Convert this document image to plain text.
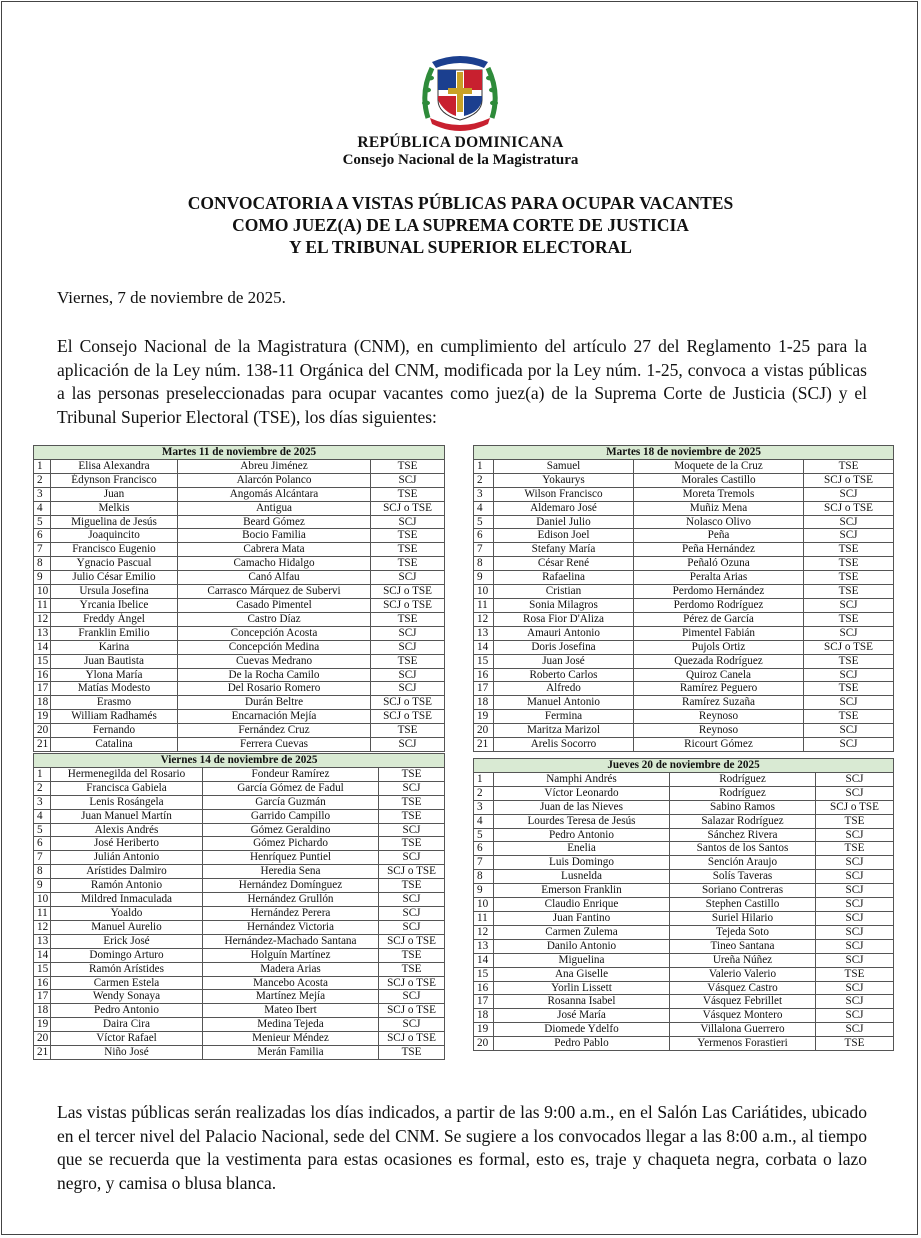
REPÚBLICA DOMINICANA
Consejo Nacional de la Magistratura
CONVOCATORIA A VISTAS PÚBLICAS PARA OCUPAR VACANTES
COMO JUEZ(A) DE LA SUPREMA CORTE DE JUSTICIA
Y EL TRIBUNAL SUPERIOR ELECTORAL
Viernes, 7 de noviembre de 2025.
El Consejo Nacional de la Magistratura (CNM), en cumplimiento del artículo 27 del Reglamento 1-25 para la aplicación de la Ley núm. 138-11 Orgánica del CNM, modificada por la Ley núm. 1-25, convoca a vistas públicas a las personas preseleccionadas para ocupar vacantes como juez(a) de la Suprema Corte de Justicia (SCJ) y el Tribunal Superior Electoral (TSE), los días siguientes:
Martes 11 de noviembre de 2025			
1	Elisa Alexandra	Abreu Jiménez	TSE
2	Édynson Francisco	Alarcón Polanco	SCJ
3	Juan	Angomás Alcántara	TSE
4	Melkis	Antigua	SCJ o TSE
5	Miguelina de Jesús	Beard Gómez	SCJ
6	Joaquincito	Bocio Familia	TSE
7	Francisco Eugenio	Cabrera Mata	TSE
8	Ygnacio Pascual	Camacho Hidalgo	TSE
9	Julio César Emilio	Canó Alfau	SCJ
10	Ursula Josefina	Carrasco Márquez de Subervi	SCJ o TSE
11	Yrcania Ibelice	Casado Pimentel	SCJ o TSE
12	Freddy Ángel	Castro Díaz	TSE
13	Franklin Emilio	Concepción Acosta	SCJ
14	Karina	Concepción Medina	SCJ
15	Juan Bautista	Cuevas Medrano	TSE
16	Ylona María	De la Rocha Camilo	SCJ
17	Matías Modesto	Del Rosario Romero	SCJ
18	Erasmo	Durán Beltre	SCJ o TSE
19	William Radhamés	Encarnación Mejía	SCJ o TSE
20	Fernando	Fernández Cruz	TSE
21	Catalina	Ferrera Cuevas	SCJ
Martes 18 de noviembre de 2025			
1	Samuel	Moquete de la Cruz	TSE
2	Yokaurys	Morales Castillo	SCJ o TSE
3	Wilson Francisco	Moreta Tremols	SCJ
4	Aldemaro José	Muñiz Mena	SCJ o TSE
5	Daniel Julio	Nolasco Olivo	SCJ
6	Edison Joel	Peña	SCJ
7	Stefany María	Peña Hernández	TSE
8	César René	Peñaló Ozuna	TSE
9	Rafaelina	Peralta Arias	TSE
10	Cristian	Perdomo Hernández	TSE
11	Sonia Milagros	Perdomo Rodríguez	SCJ
12	Rosa Fior D'Aliza	Pérez de García	TSE
13	Amauri Antonio	Pimentel Fabián	SCJ
14	Doris Josefina	Pujols Ortiz	SCJ o TSE
15	Juan José	Quezada Rodríguez	TSE
16	Roberto Carlos	Quiroz Canela	SCJ
17	Alfredo	Ramírez Peguero	TSE
18	Manuel Antonio	Ramírez Suzaña	SCJ
19	Fermina	Reynoso	TSE
20	Maritza Marizol	Reynoso	SCJ
21	Arelis Socorro	Ricourt Gómez	SCJ
Viernes 14 de noviembre de 2025			
1	Hermenegilda del Rosario	Fondeur Ramírez	TSE
2	Francisca Gabiela	García Gómez de Fadul	SCJ
3	Lenis Rosángela	García Guzmán	TSE
4	Juan Manuel Martín	Garrido Campillo	TSE
5	Alexis Andrés	Gómez Geraldino	SCJ
6	José Heriberto	Gómez Pichardo	TSE
7	Julián Antonio	Henríquez Puntiel	SCJ
8	Arístides Dalmiro	Heredia Sena	SCJ o TSE
9	Ramón Antonio	Hernández Domínguez	TSE
10	Mildred Inmaculada	Hernández Grullón	SCJ
11	Yoaldo	Hernández Perera	SCJ
12	Manuel Aurelio	Hernández Victoria	SCJ
13	Erick José	Hernández-Machado Santana	SCJ o TSE
14	Domingo Arturo	Holguín Martínez	TSE
15	Ramón Arístides	Madera Arias	TSE
16	Carmen Estela	Mancebo Acosta	SCJ o TSE
17	Wendy Sonaya	Martínez Mejía	SCJ
18	Pedro Antonio	Mateo Ibert	SCJ o TSE
19	Daira Cira	Medina Tejeda	SCJ
20	Víctor Rafael	Menieur Méndez	SCJ o TSE
21	Niño José	Merán Familia	TSE
Jueves 20 de noviembre de 2025			
1	Namphi Andrés	Rodríguez	SCJ
2	Víctor Leonardo	Rodríguez	SCJ
3	Juan de las Nieves	Sabino Ramos	SCJ o TSE
4	Lourdes Teresa de Jesús	Salazar Rodríguez	TSE
5	Pedro Antonio	Sánchez Rivera	SCJ
6	Enelia	Santos de los Santos	TSE
7	Luis Domingo	Sención Araujo	SCJ
8	Lusnelda	Solís Taveras	SCJ
9	Emerson Franklin	Soriano Contreras	SCJ
10	Claudio Enrique	Stephen Castillo	SCJ
11	Juan Fantino	Suriel Hilario	SCJ
12	Carmen Zulema	Tejeda Soto	SCJ
13	Danilo Antonio	Tineo Santana	SCJ
14	Miguelina	Ureña Núñez	SCJ
15	Ana Giselle	Valerio Valerio	TSE
16	Yorlin Lissett	Vásquez Castro	SCJ
17	Rosanna Isabel	Vásquez Febrillet	SCJ
18	José María	Vásquez Montero	SCJ
19	Diomede Ydelfo	Villalona Guerrero	SCJ
20	Pedro Pablo	Yermenos Forastieri	TSE
Las vistas públicas serán realizadas los días indicados, a partir de las 9:00 a.m., en el Salón Las Cariátides, ubicado en el tercer nivel del Palacio Nacional, sede del CNM. Se sugiere a los convocados llegar a las 8:00 a.m., al tiempo que se recuerda que la vestimenta para estas ocasiones es formal, esto es, traje y chaqueta negra, corbata o lazo negro, y camisa o blusa blanca.
